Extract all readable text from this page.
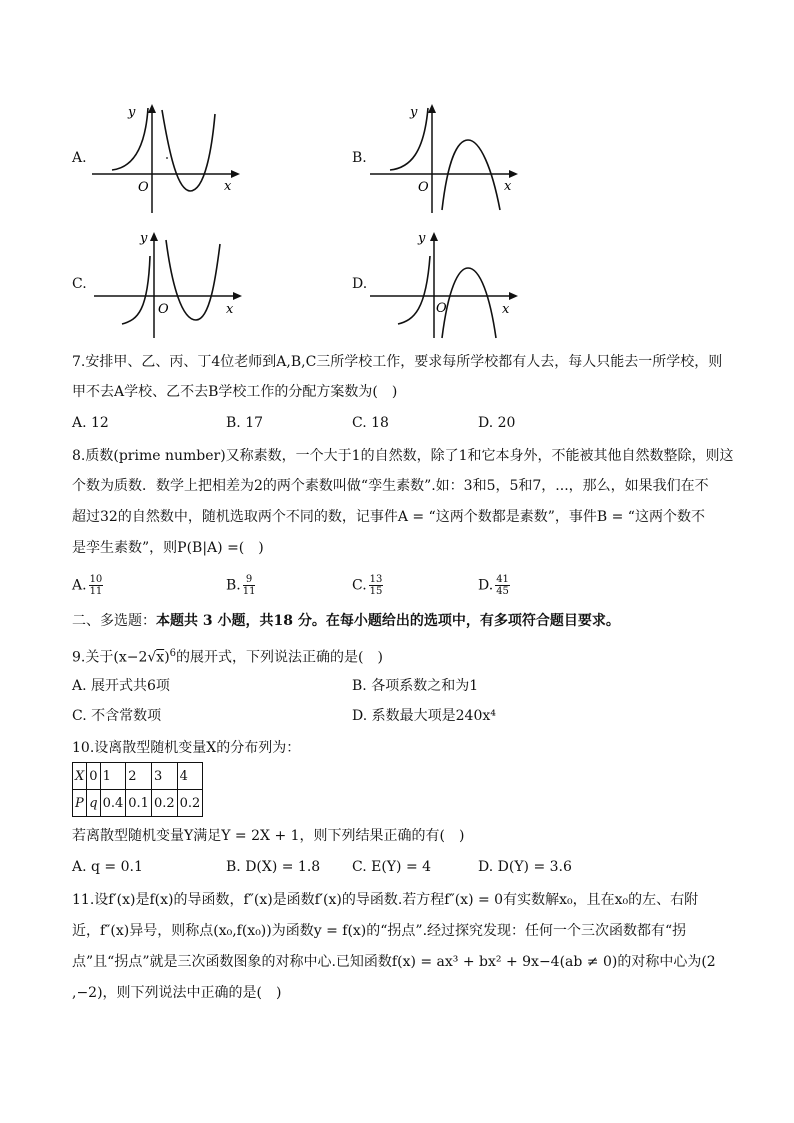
A.
y
O	x
B.
y
O	x
C.
y
O	x
D.
y
O	x
7.安排甲、乙、丙、丁4位老师到A,B,C三所学校工作，要求每所学校都有人去，每人只能去一所学校，则
甲不去A学校、乙不去B学校工作的分配方案数为(　)
A. 12	B. 17	C. 18	D. 20
8.质数(prime number)又称素数，一个大于1的自然数，除了1和它本身外，不能被其他自然数整除，则这
个数为质数．数学上把相差为2的两个素数叫做“孪生素数”.如：3和5，5和7，...，那么，如果我们在不
超过32的自然数中，随机选取两个不同的数，记事件A = “这两个数都是素数”，事件B = “这两个数不
是孪生素数”，则P(B|A) =(　)
A. $\frac{10}{11}$	B. $\frac{9}{11}$	C. $\frac{13}{15}$	D. $\frac{41}{45}$
二、多选题：本题共 3 小题，共18 分。在每小题给出的选项中，有多项符合题目要求。
9.关于$(x-2√x)^6$的展开式，下列说法正确的是(　)
A. 展开式共6项	B. 各项系数之和为1
C. 不含常数项	D. 系数最大项是240x⁴
10.设离散型随机变量X的分布列为：
X	0	1	2	3	4
P	q	0.4	0.1	0.2	0.2
若离散型随机变量Y满足Y = 2X + 1，则下列结果正确的有(　)
A. q = 0.1	B. D(X) = 1.8 C. E(Y) = 4	D. D(Y) = 3.6
11.设f′(x)是f(x)的导函数，f″(x)是函数f′(x)的导函数.若方程f″(x) = 0有实数解x₀，且在x₀的左、右附
近，f″(x)异号，则称点(x₀,f(x₀))为函数y = f(x)的“拐点”.经过探究发现：任何一个三次函数都有“拐
点”且“拐点”就是三次函数图象的对称中心.已知函数f(x) = ax³ + bx² + 9x−4(ab ≠ 0)的对称中心为(2
,−2)，则下列说法中正确的是(　)
